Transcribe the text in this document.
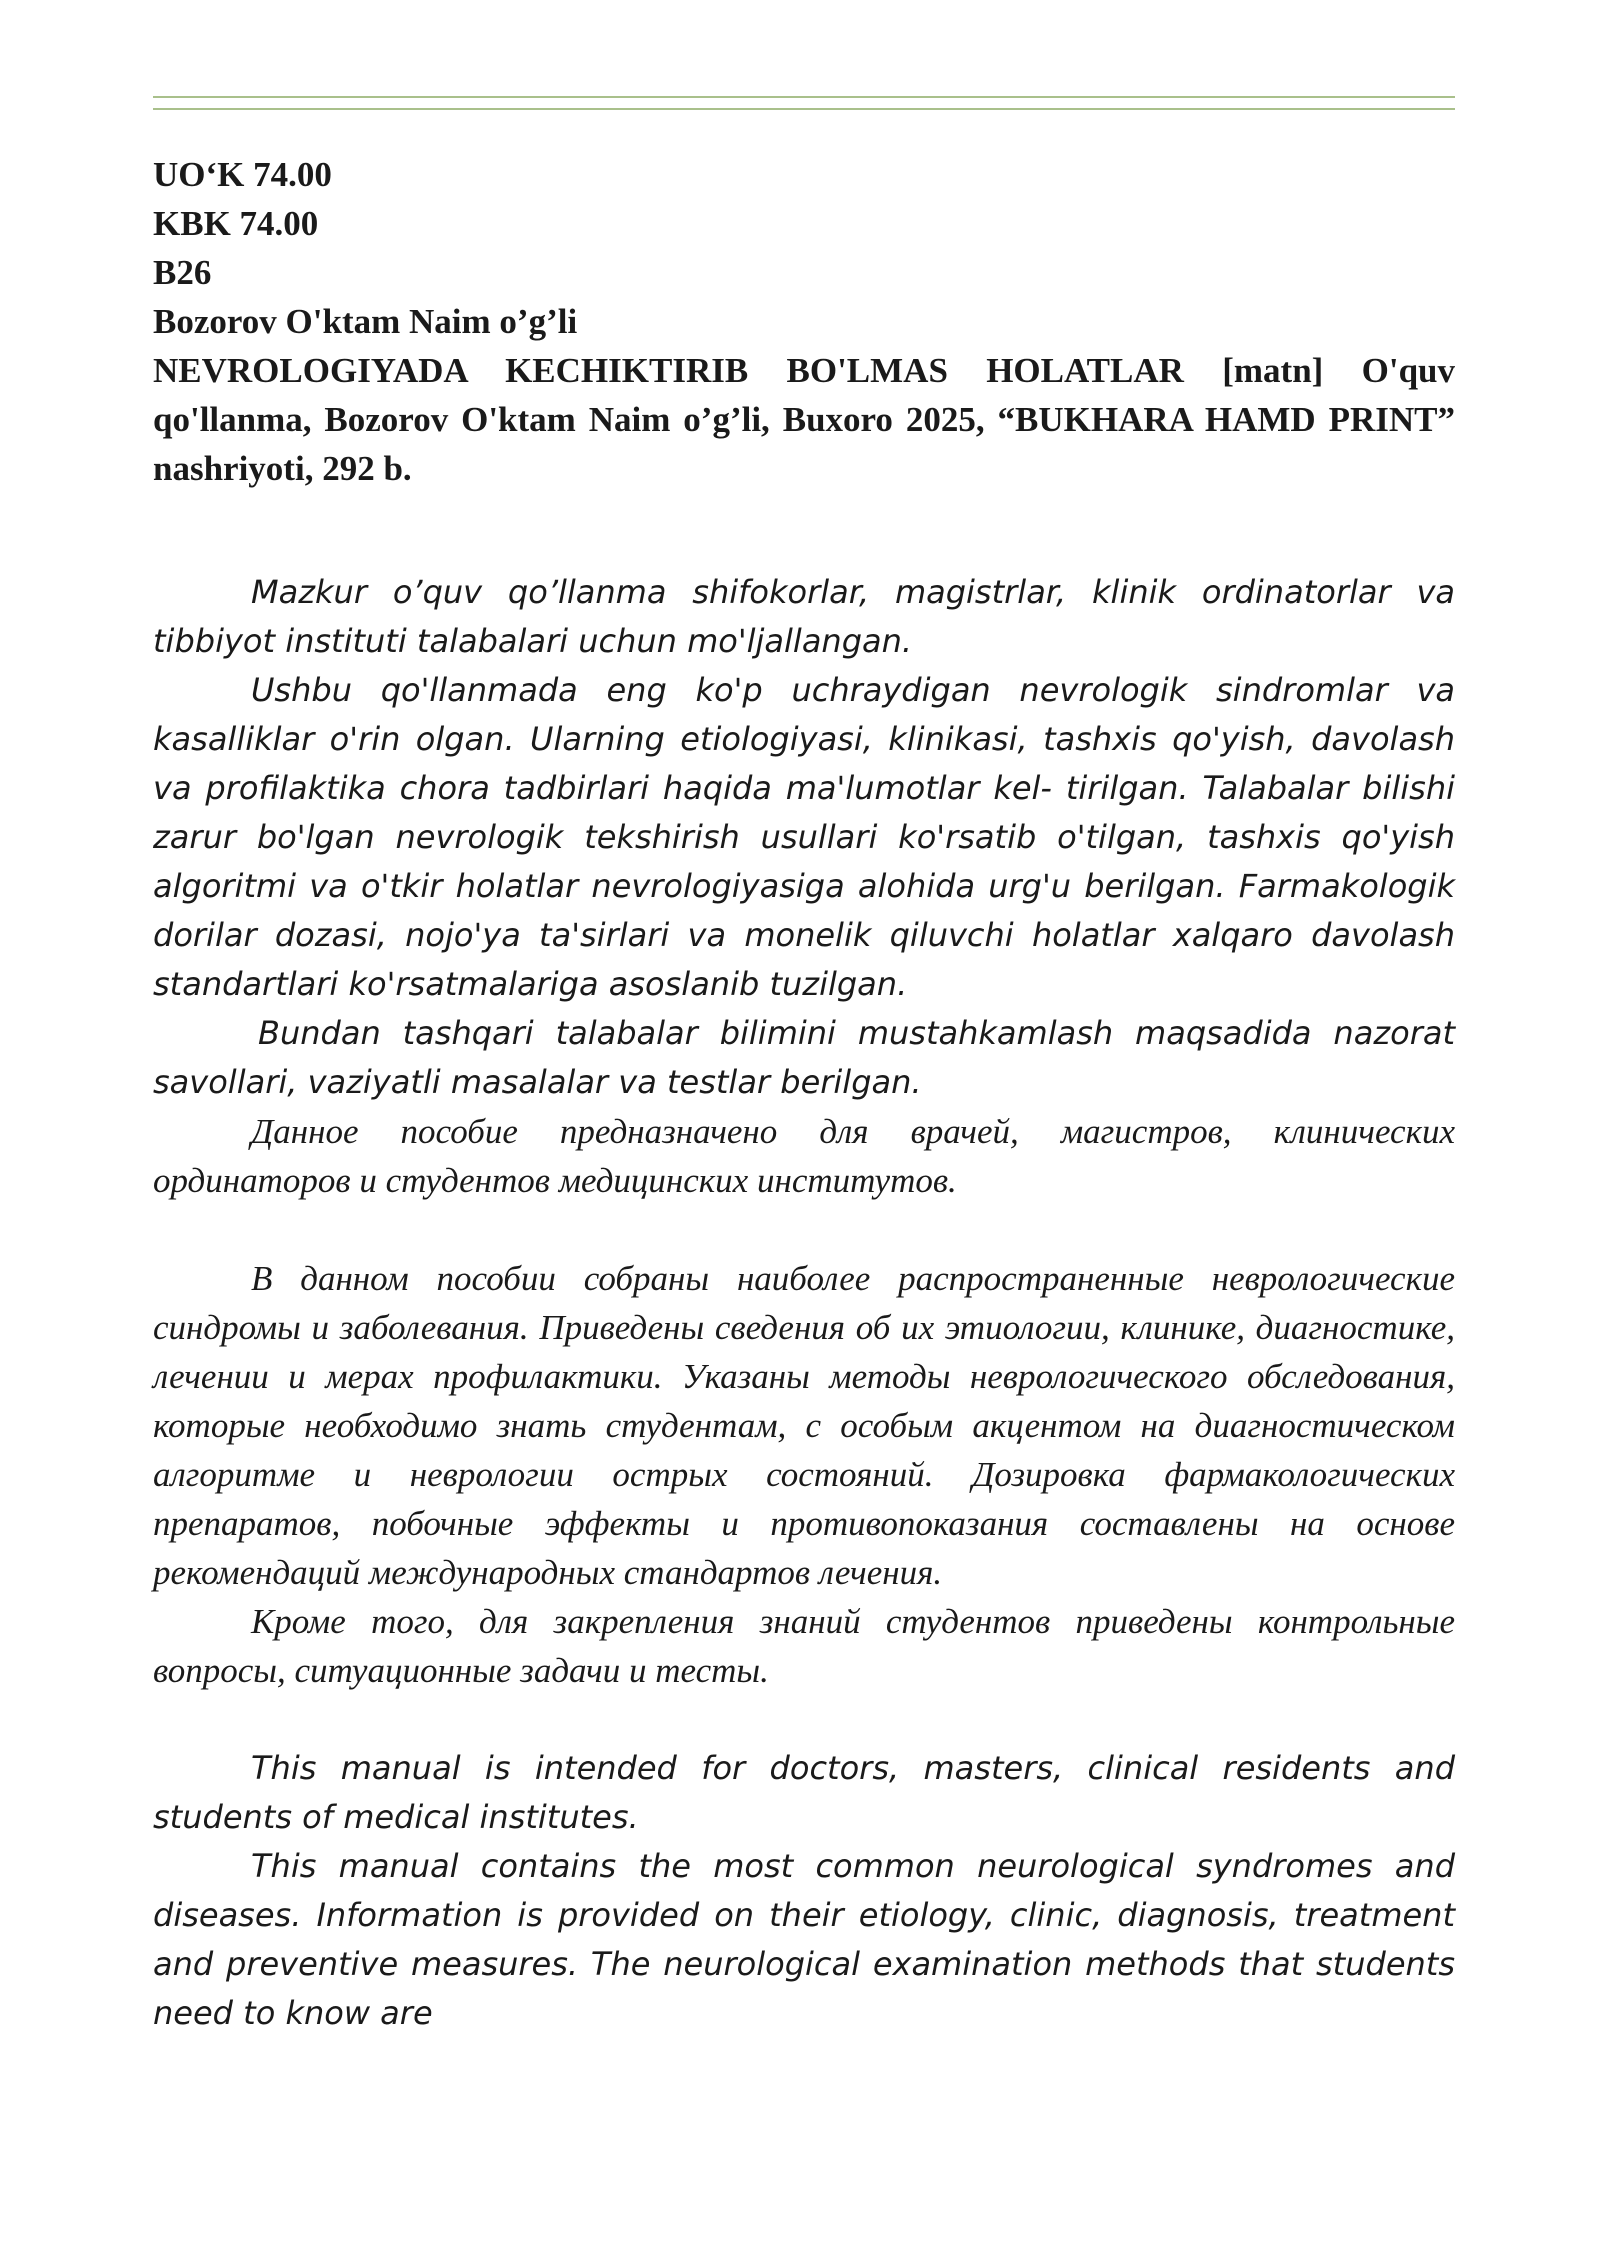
UO‘K 74.00
KBK 74.00
B26
Bozorov O'ktam Naim o’g’li
NEVROLOGIYADA KECHIKTIRIB BO'LMAS HOLATLAR [matn] O'quv qo'llanma, Bozorov O'ktam Naim o’g’li, Buxoro 2025, “BUKHARA HAMD PRINT” nashriyoti, 292 b.

Mazkur o’quv qo’llanma shifokorlar, magistrlar, klinik ordinatorlar va tibbiyot instituti talabalari uchun mo'ljallangan.

Ushbu qo'llanmada eng ko'p uchraydigan nevrologik sindromlar va kasalliklar o'rin olgan. Ularning etiologiyasi, klinikasi, tashxis qo'yish, davolash va profilaktika chora tadbirlari haqida ma'lumotlar kel- tirilgan. Talabalar bilishi zarur bo'lgan nevrologik tekshirish usullari ko'rsatib o'tilgan, tashxis qo'yish algoritmi va o'tkir holatlar nevrologiyasiga alohida urg'u berilgan. Farmakologik dorilar dozasi, nojo'ya ta'sirlari va monelik qiluvchi holatlar xalqaro davolash standartlari ko'rsatmalariga asoslanib tuzilgan.

Bundan tashqari talabalar bilimini mustahkamlash maqsadida nazorat savollari, vaziyatli masalalar va testlar berilgan.

Данное пособие предназначено для врачей, магистров, клинических ординаторов и студентов медицинских институтов.

В данном пособии собраны наиболее распространенные неврологические синдромы и заболевания. Приведены сведения об их этиологии, клинике, диагностике, лечении и мерах профилактики. Указаны методы неврологического обследования, которые необходимо знать студентам, с особым акцентом на диагностическом алгоритме и неврологии острых состояний. Дозировка фармакологических препаратов, побочные эффекты и противопоказания составлены на основе рекомендаций международных стандартов лечения.

Кроме того, для закрепления знаний студентов приведены контрольные вопросы, ситуационные задачи и тесты.

This manual is intended for doctors, masters, clinical residents and students of medical institutes.

This manual contains the most common neurological syndromes and diseases. Information is provided on their etiology, clinic, diagnosis, treatment and preventive measures. The neurological examination methods that students need to know are
